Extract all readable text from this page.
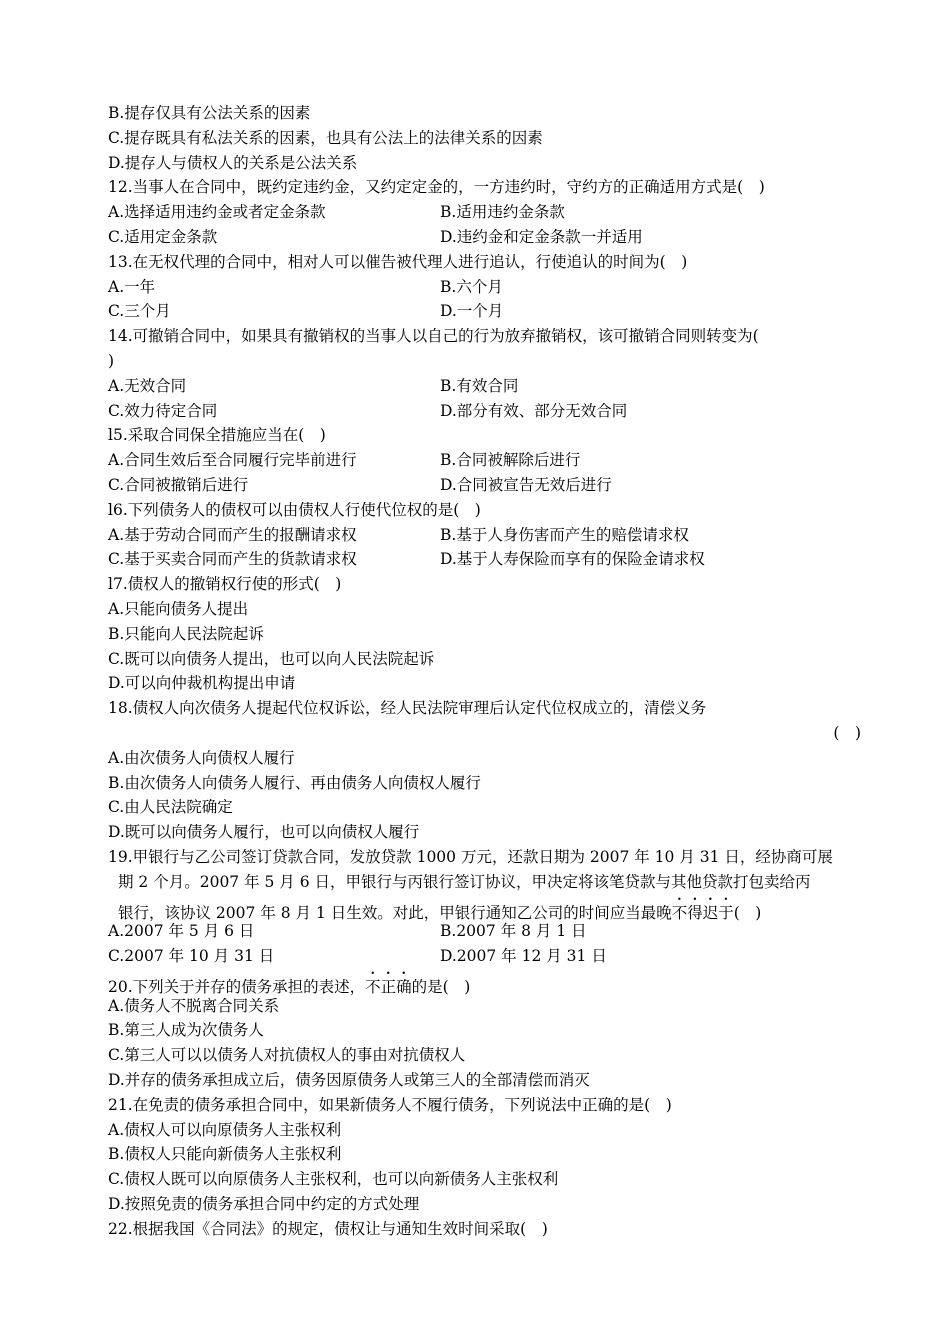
B.提存仅具有公法关系的因素
C.提存既具有私法关系的因素，也具有公法上的法律关系的因素
D.提存人与债权人的关系是公法关系
12.当事人在合同中，既约定违约金，又约定定金的，一方违约时，守约方的正确适用方式是(　)
A.选择适用违约金或者定金条款	B.适用违约金条款
C.适用定金条款	D.违约金和定金条款一并适用
13.在无权代理的合同中，相对人可以催告被代理人进行追认，行使追认的时间为(　)
A.一年	B.六个月
C.三个月	D.一个月
14.可撤销合同中，如果具有撤销权的当事人以自己的行为放弃撤销权，该可撤销合同则转变为(
)
A.无效合同	B.有效合同
C.效力待定合同	D.部分有效、部分无效合同
l5.采取合同保全措施应当在(　)
A.合同生效后至合同履行完毕前进行	B.合同被解除后进行
C.合同被撤销后进行	D.合同被宣告无效后进行
l6.下列债务人的债权可以由债权人行使代位权的是(　)
A.基于劳动合同而产生的报酬请求权	B.基于人身伤害而产生的赔偿请求权
C.基于买卖合同而产生的货款请求权	D.基于人寿保险而享有的保险金请求权
l7.债权人的撤销权行使的形式(　)
A.只能向债务人提出
B.只能向人民法院起诉
C.既可以向债务人提出，也可以向人民法院起诉
D.可以向仲裁机构提出申请
18.债权人向次债务人提起代位权诉讼，经人民法院审理后认定代位权成立的，清偿义务
(　)
A.由次债务人向债权人履行
B.由次债务人向债务人履行、再由债务人向债权人履行
C.由人民法院确定
D.既可以向债务人履行，也可以向债权人履行
19.甲银行与乙公司签订贷款合同，发放贷款 1000 万元，还款日期为 2007 年 10 月 31 日，经协商可展
期 2 个月。2007 年 5 月 6 日，甲银行与丙银行签订协议，甲决定将该笔贷款与其他贷款打包卖给丙
银行，该协议 2007 年 8 月 1 日生效。对此，甲银行通知乙公司的时间应当最晚不得迟于(　)
A.2007 年 5 月 6 日	B.2007 年 8 月 1 日
C.2007 年 10 月 31 日	D.2007 年 12 月 31 日
20.下列关于并存的债务承担的表述，不正确的是(　)
A.债务人不脱离合同关系
B.第三人成为次债务人
C.第三人可以以债务人对抗债权人的事由对抗债权人
D.并存的债务承担成立后，债务因原债务人或第三人的全部清偿而消灭
21.在免责的债务承担合同中，如果新债务人不履行债务，下列说法中正确的是(　)
A.债权人可以向原债务人主张权利
B.债权人只能向新债务人主张权利
C.债权人既可以向原债务人主张权利，也可以向新债务人主张权利
D.按照免责的债务承担合同中约定的方式处理
22.根据我国《合同法》的规定，债权让与通知生效时间采取(　)
